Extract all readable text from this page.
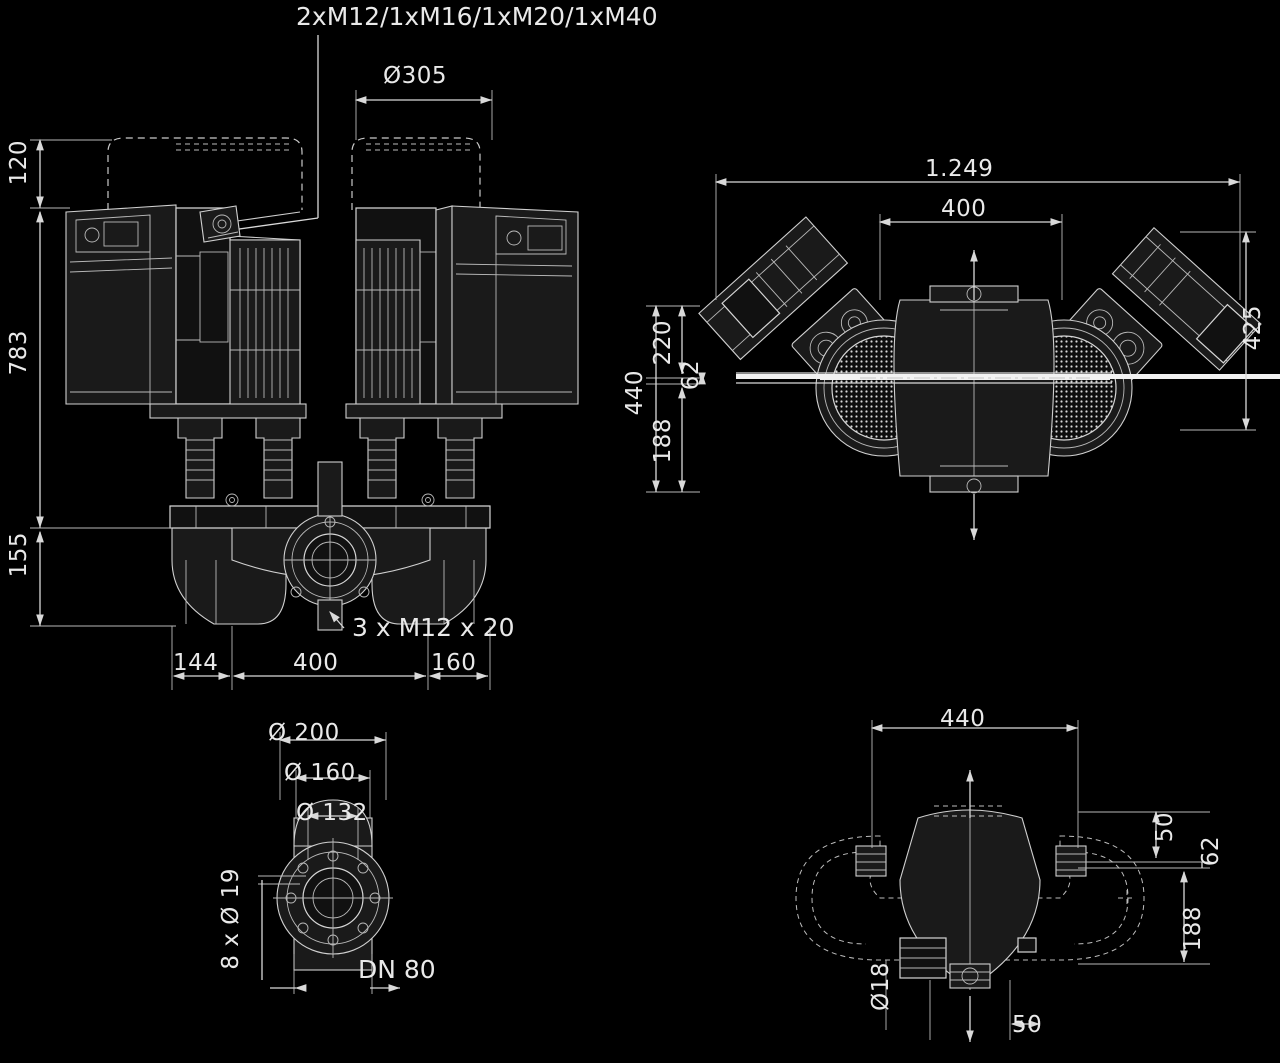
2xM12/1xM16/1xM20/1xM40
Ø305
120
783
155
144	400	160
3 x M12 x 20
1.249
400
425
440
220
62
188
Ø 200
Ø 160
Ø 132
8 x Ø 19	DN 80
440
50
62
188
Ø18
50
